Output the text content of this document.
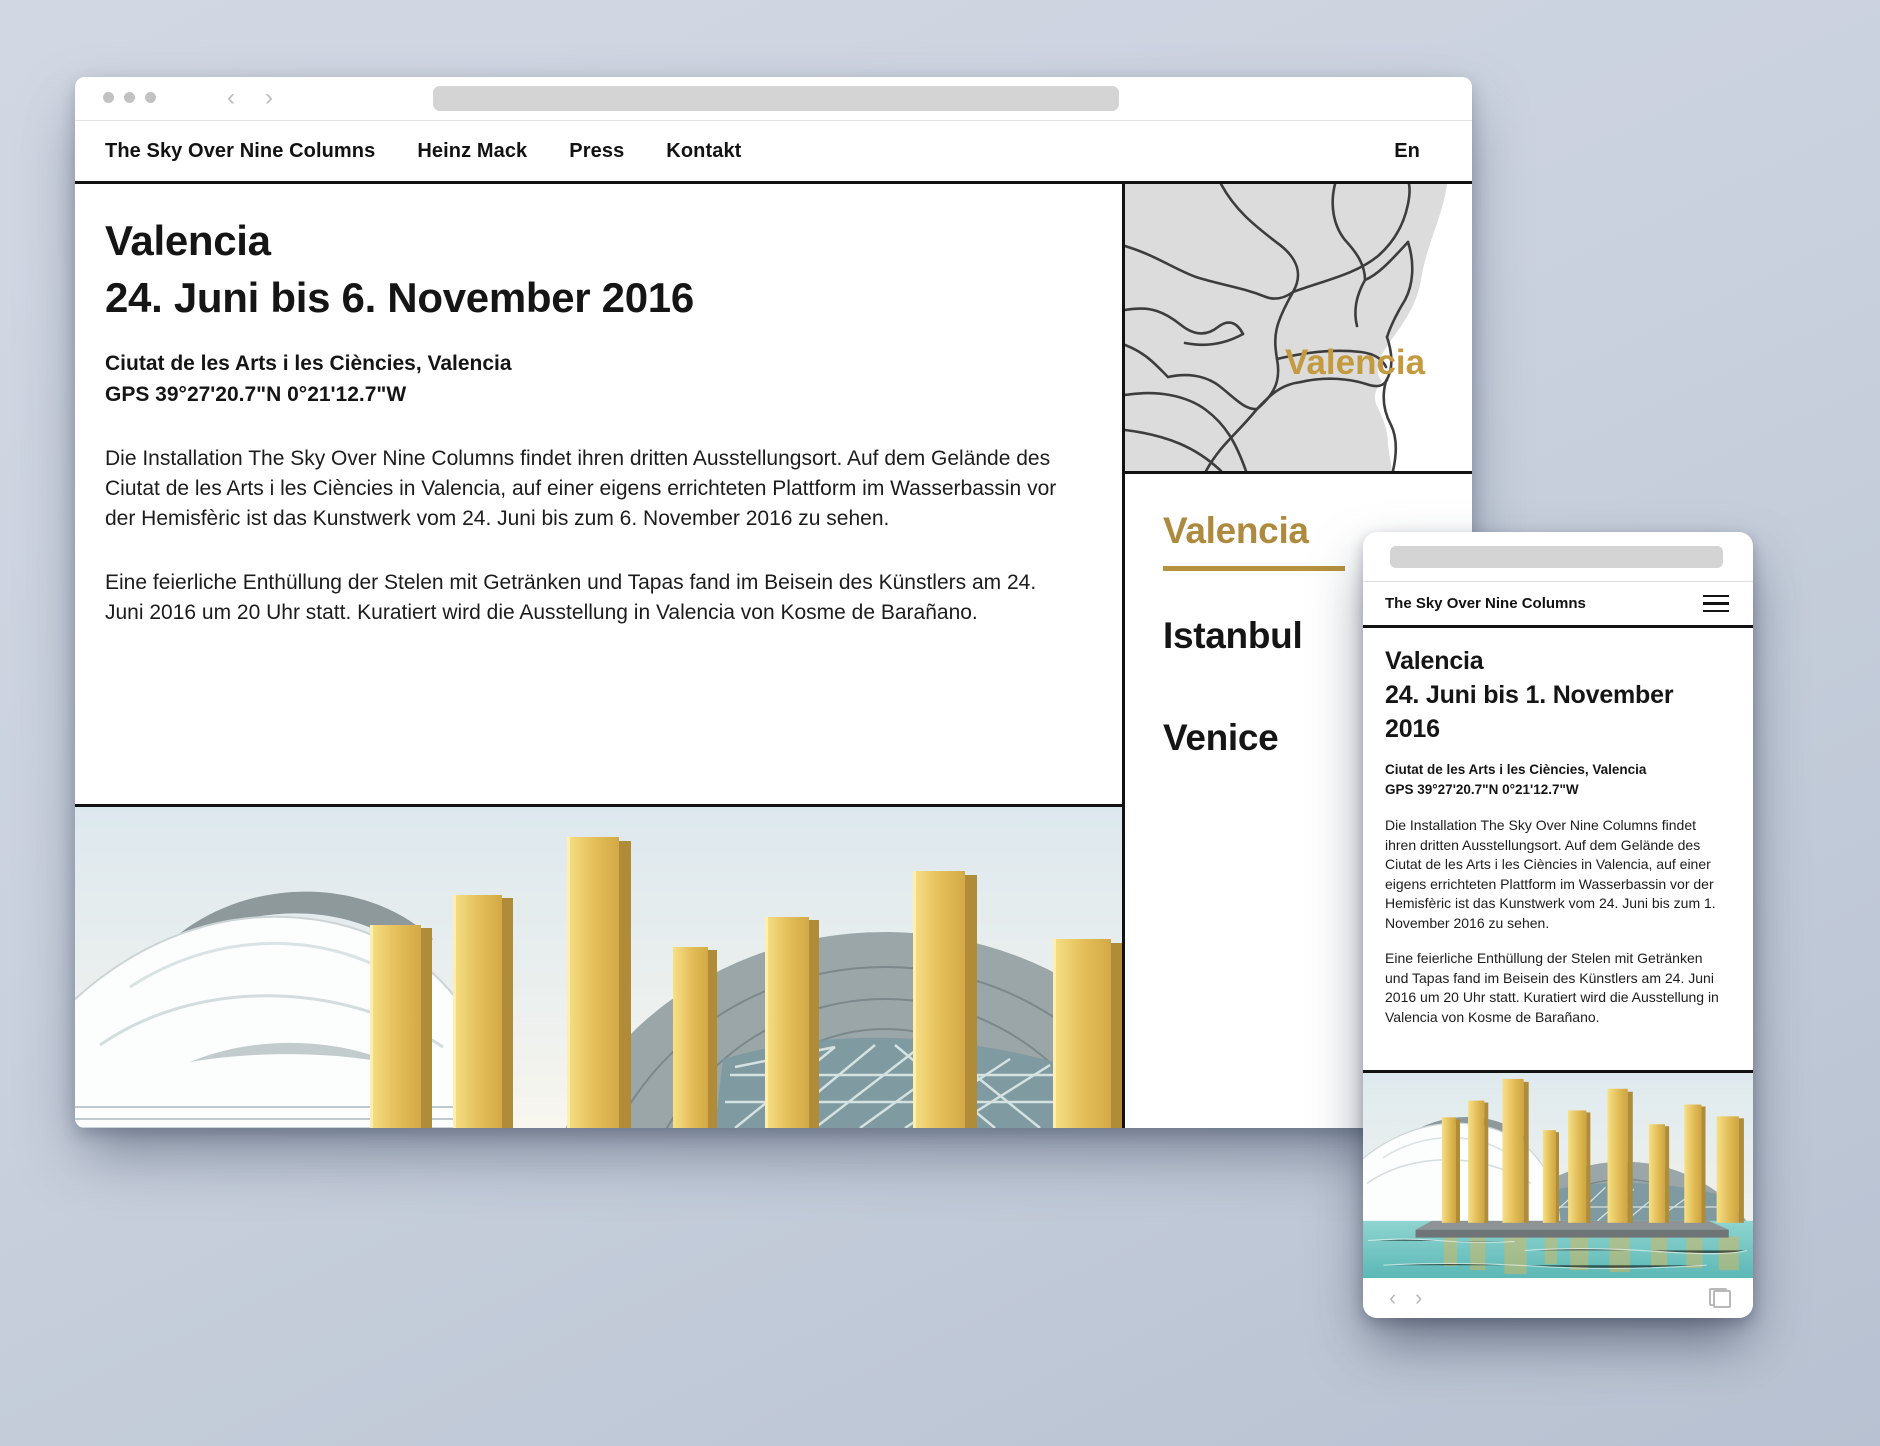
‹	›
The Sky Over Nine Columns Heinz Mack Press Kontakt	En
Valencia
24. Juni bis 6. November 2016
Ciutat de les Arts i les Ciències, Valencia
GPS 39°27'20.7"N 0°21'12.7"W

Die Installation The Sky Over Nine Columns findet ihren dritten Ausstellungsort. Auf dem Gelände des Ciutat de les Arts i les Ciències in Valencia, auf einer eigens errichteten Plattform im Wasserbassin vor der Hemisfèric ist das Kunstwerk vom 24. Juni bis zum 6. November 2016 zu sehen.

Eine feierliche Enthüllung der Stelen mit Getränken und Tapas fand im Beisein des Künstlers am 24. Juni 2016 um 20 Uhr statt. Kuratiert wird die Ausstellung in Valencia von Kosme de Barañano.

Valencia
Valencia
Istanbul
Venice
The Sky Over Nine Columns
Valencia
24. Juni bis 1. November 2016
Ciutat de les Arts i les Ciències, Valencia
GPS 39°27'20.7"N 0°21'12.7"W

Die Installation The Sky Over Nine Columns findet ihren dritten Ausstellungsort. Auf dem Gelände des Ciutat de les Arts i les Ciències in Valencia, auf einer eigens errichteten Plattform im Wasserbassin vor der Hemisfèric ist das Kunstwerk vom 24. Juni bis zum 1. November 2016 zu sehen.

Eine feierliche Enthüllung der Stelen mit Getränken und Tapas fand im Beisein des Künstlers am 24. Juni 2016 um 20 Uhr statt. Kuratiert wird die Ausstellung in Valencia von Kosme de Barañano.

‹ ›
